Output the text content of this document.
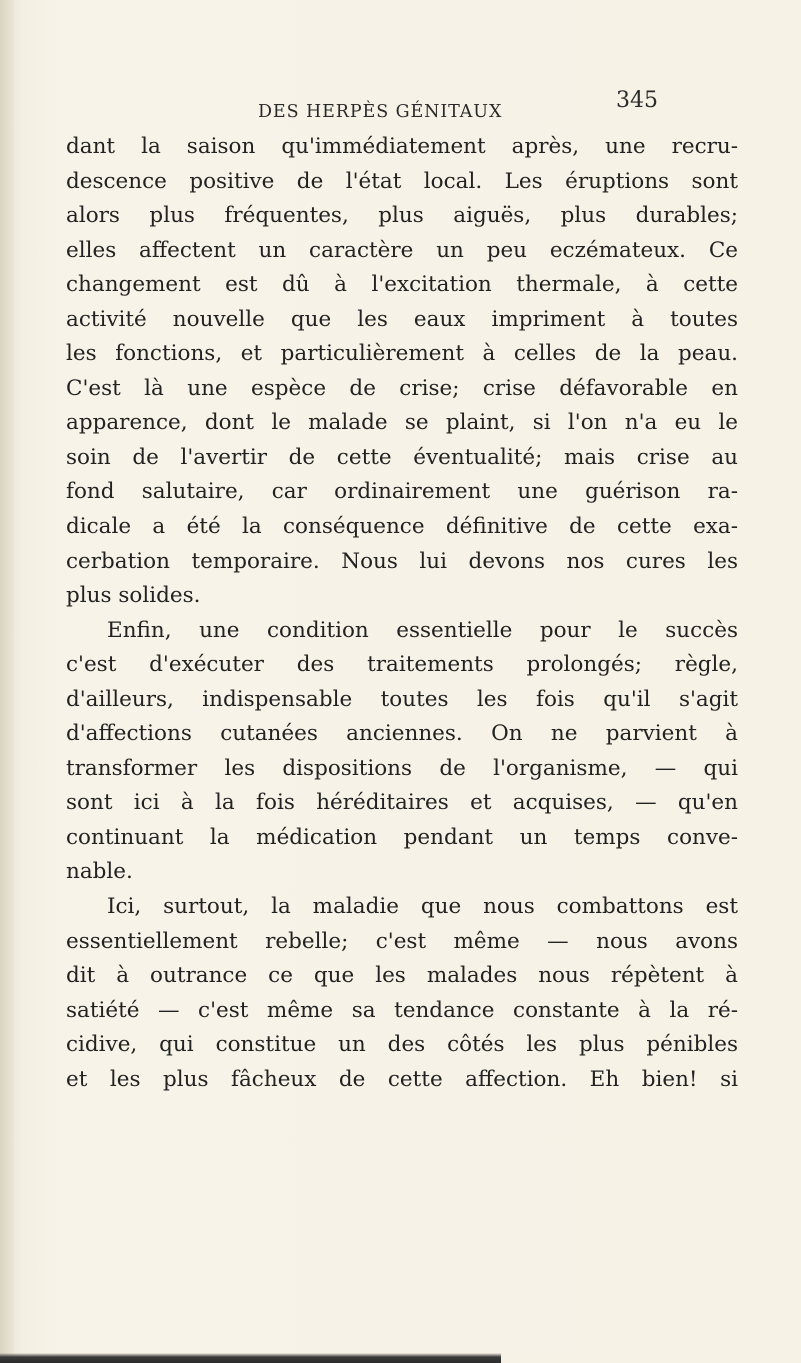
DES HERPÈS GÉNITAUX	345
dant la saison qu'immédiatement après, une recru-
descence positive de l'état local. Les éruptions sont
alors plus fréquentes, plus aiguës, plus durables;
elles affectent un caractère un peu eczémateux. Ce
changement est dû à l'excitation thermale, à cette
activité nouvelle que les eaux impriment à toutes
les fonctions, et particulièrement à celles de la peau.
C'est là une espèce de crise; crise défavorable en
apparence, dont le malade se plaint, si l'on n'a eu le
soin de l'avertir de cette éventualité; mais crise au
fond salutaire, car ordinairement une guérison ra-
dicale a été la conséquence définitive de cette exa-
cerbation temporaire. Nous lui devons nos cures les
plus solides.
Enfin, une condition essentielle pour le succès
c'est d'exécuter des traitements prolongés; règle,
d'ailleurs, indispensable toutes les fois qu'il s'agit
d'affections cutanées anciennes. On ne parvient à
transformer les dispositions de l'organisme, — qui
sont ici à la fois héréditaires et acquises, — qu'en
continuant la médication pendant un temps conve-
nable.
Ici, surtout, la maladie que nous combattons est
essentiellement rebelle; c'est même — nous avons
dit à outrance ce que les malades nous répètent à
satiété — c'est même sa tendance constante à la ré-
cidive, qui constitue un des côtés les plus pénibles
et les plus fâcheux de cette affection. Eh bien! si
